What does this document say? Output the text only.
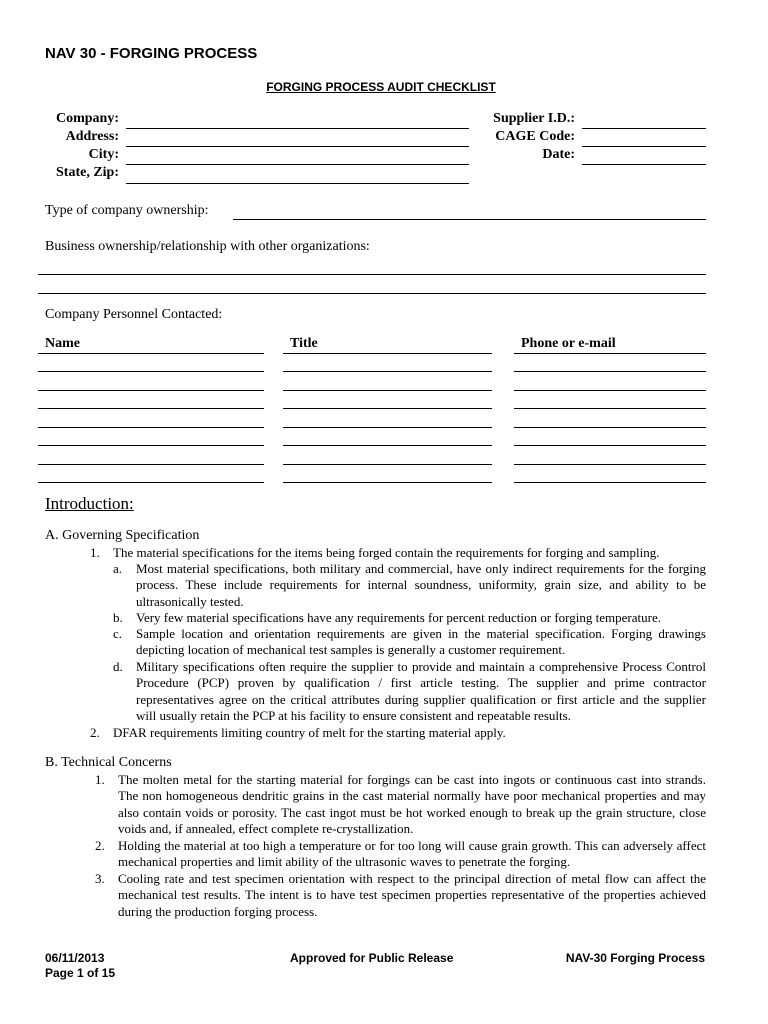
NAV 30 - FORGING PROCESS
FORGING PROCESS AUDIT CHECKLIST
Company:
Address:
City:
State, Zip:
Supplier I.D.:
CAGE Code:
Date:
Type of company ownership:
Business ownership/relationship with other organizations:
Company Personnel Contacted:
Name	Title	Phone or e-mail
Introduction:
A. Governing Specification
1. The material specifications for the items being forged contain the requirements for forging and sampling.
a. Most material specifications, both military and commercial, have only indirect requirements for the forging process. These include requirements for internal soundness, uniformity, grain size, and ability to be ultrasonically tested.
b. Very few material specifications have any requirements for percent reduction or forging temperature.
c. Sample location and orientation requirements are given in the material specification. Forging drawings depicting location of mechanical test samples is generally a customer requirement.
d. Military specifications often require the supplier to provide and maintain a comprehensive Process Control Procedure (PCP) proven by qualification / first article testing. The supplier and prime contractor representatives agree on the critical attributes during supplier qualification or first article and the supplier will usually retain the PCP at his facility to ensure consistent and repeatable results.
2. DFAR requirements limiting country of melt for the starting material apply.
B. Technical Concerns
1. The molten metal for the starting material for forgings can be cast into ingots or continuous cast into strands. The non homogeneous dendritic grains in the cast material normally have poor mechanical properties and may also contain voids or porosity. The cast ingot must be hot worked enough to break up the grain structure, close voids and, if annealed, effect complete re-crystallization.
2. Holding the material at too high a temperature or for too long will cause grain growth. This can adversely affect mechanical properties and limit ability of the ultrasonic waves to penetrate the forging.
3. Cooling rate and test specimen orientation with respect to the principal direction of metal flow can affect the mechanical test results. The intent is to have test specimen properties representative of the properties achieved during the production forging process.
06/11/2013
Page 1 of 15
Approved for Public Release	NAV-30 Forging Process
